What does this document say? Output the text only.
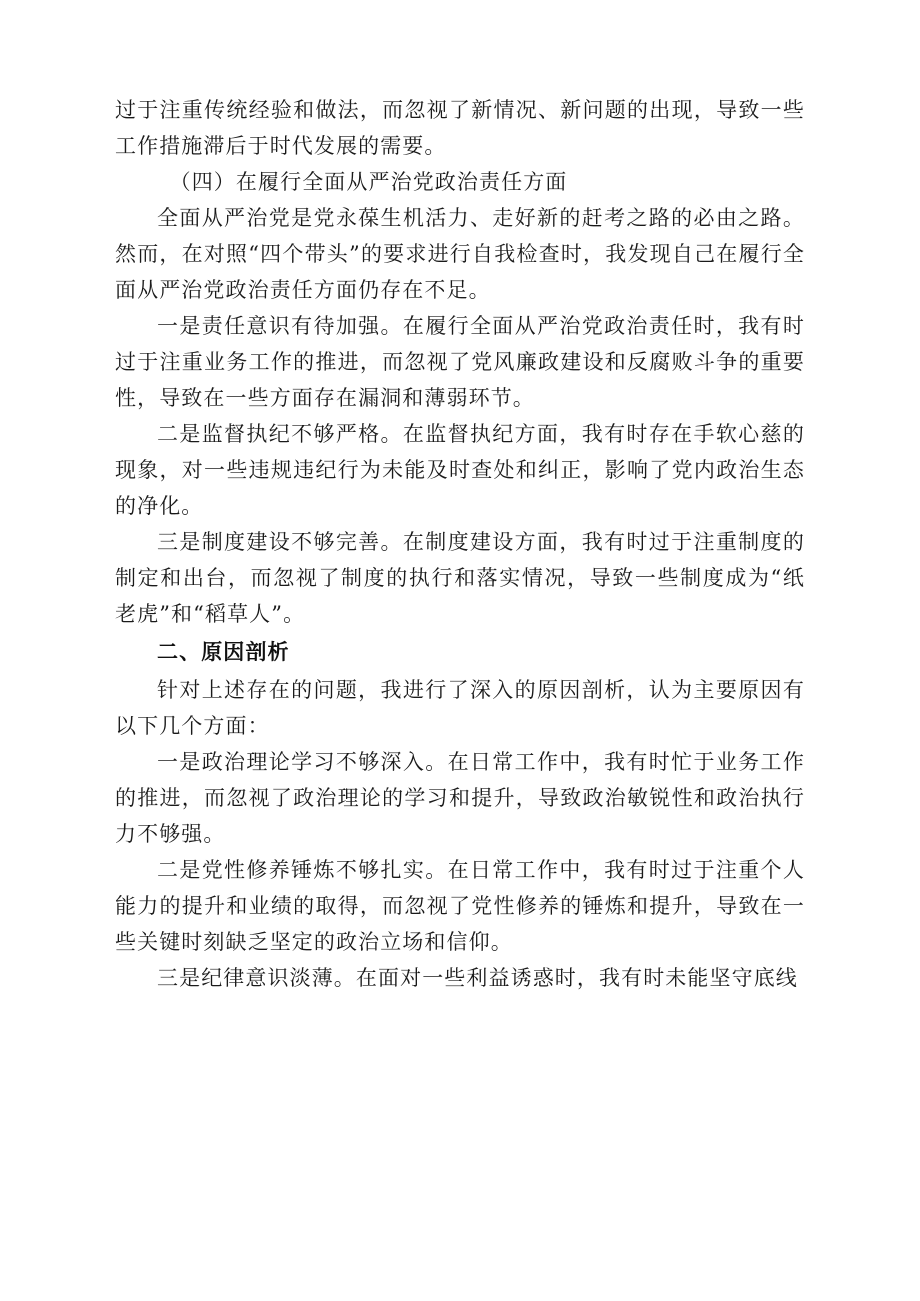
过于注重传统经验和做法，而忽视了新情况、新问题的出现，导致一些工作措施滞后于时代发展的需要。

（四）在履行全面从严治党政治责任方面

全面从严治党是党永葆生机活力、走好新的赶考之路的必由之路。然而，在对照“四个带头”的要求进行自我检查时，我发现自己在履行全面从严治党政治责任方面仍存在不足。

一是责任意识有待加强。在履行全面从严治党政治责任时，我有时过于注重业务工作的推进，而忽视了党风廉政建设和反腐败斗争的重要性，导致在一些方面存在漏洞和薄弱环节。

二是监督执纪不够严格。在监督执纪方面，我有时存在手软心慈的现象，对一些违规违纪行为未能及时查处和纠正，影响了党内政治生态的净化。

三是制度建设不够完善。在制度建设方面，我有时过于注重制度的制定和出台，而忽视了制度的执行和落实情况，导致一些制度成为“纸老虎”和“稻草人”。

二、原因剖析

针对上述存在的问题，我进行了深入的原因剖析，认为主要原因有以下几个方面：

一是政治理论学习不够深入。在日常工作中，我有时忙于业务工作的推进，而忽视了政治理论的学习和提升，导致政治敏锐性和政治执行力不够强。

二是党性修养锤炼不够扎实。在日常工作中，我有时过于注重个人能力的提升和业绩的取得，而忽视了党性修养的锤炼和提升，导致在一些关键时刻缺乏坚定的政治立场和信仰。

三是纪律意识淡薄。在面对一些利益诱惑时，我有时未能坚守底线
